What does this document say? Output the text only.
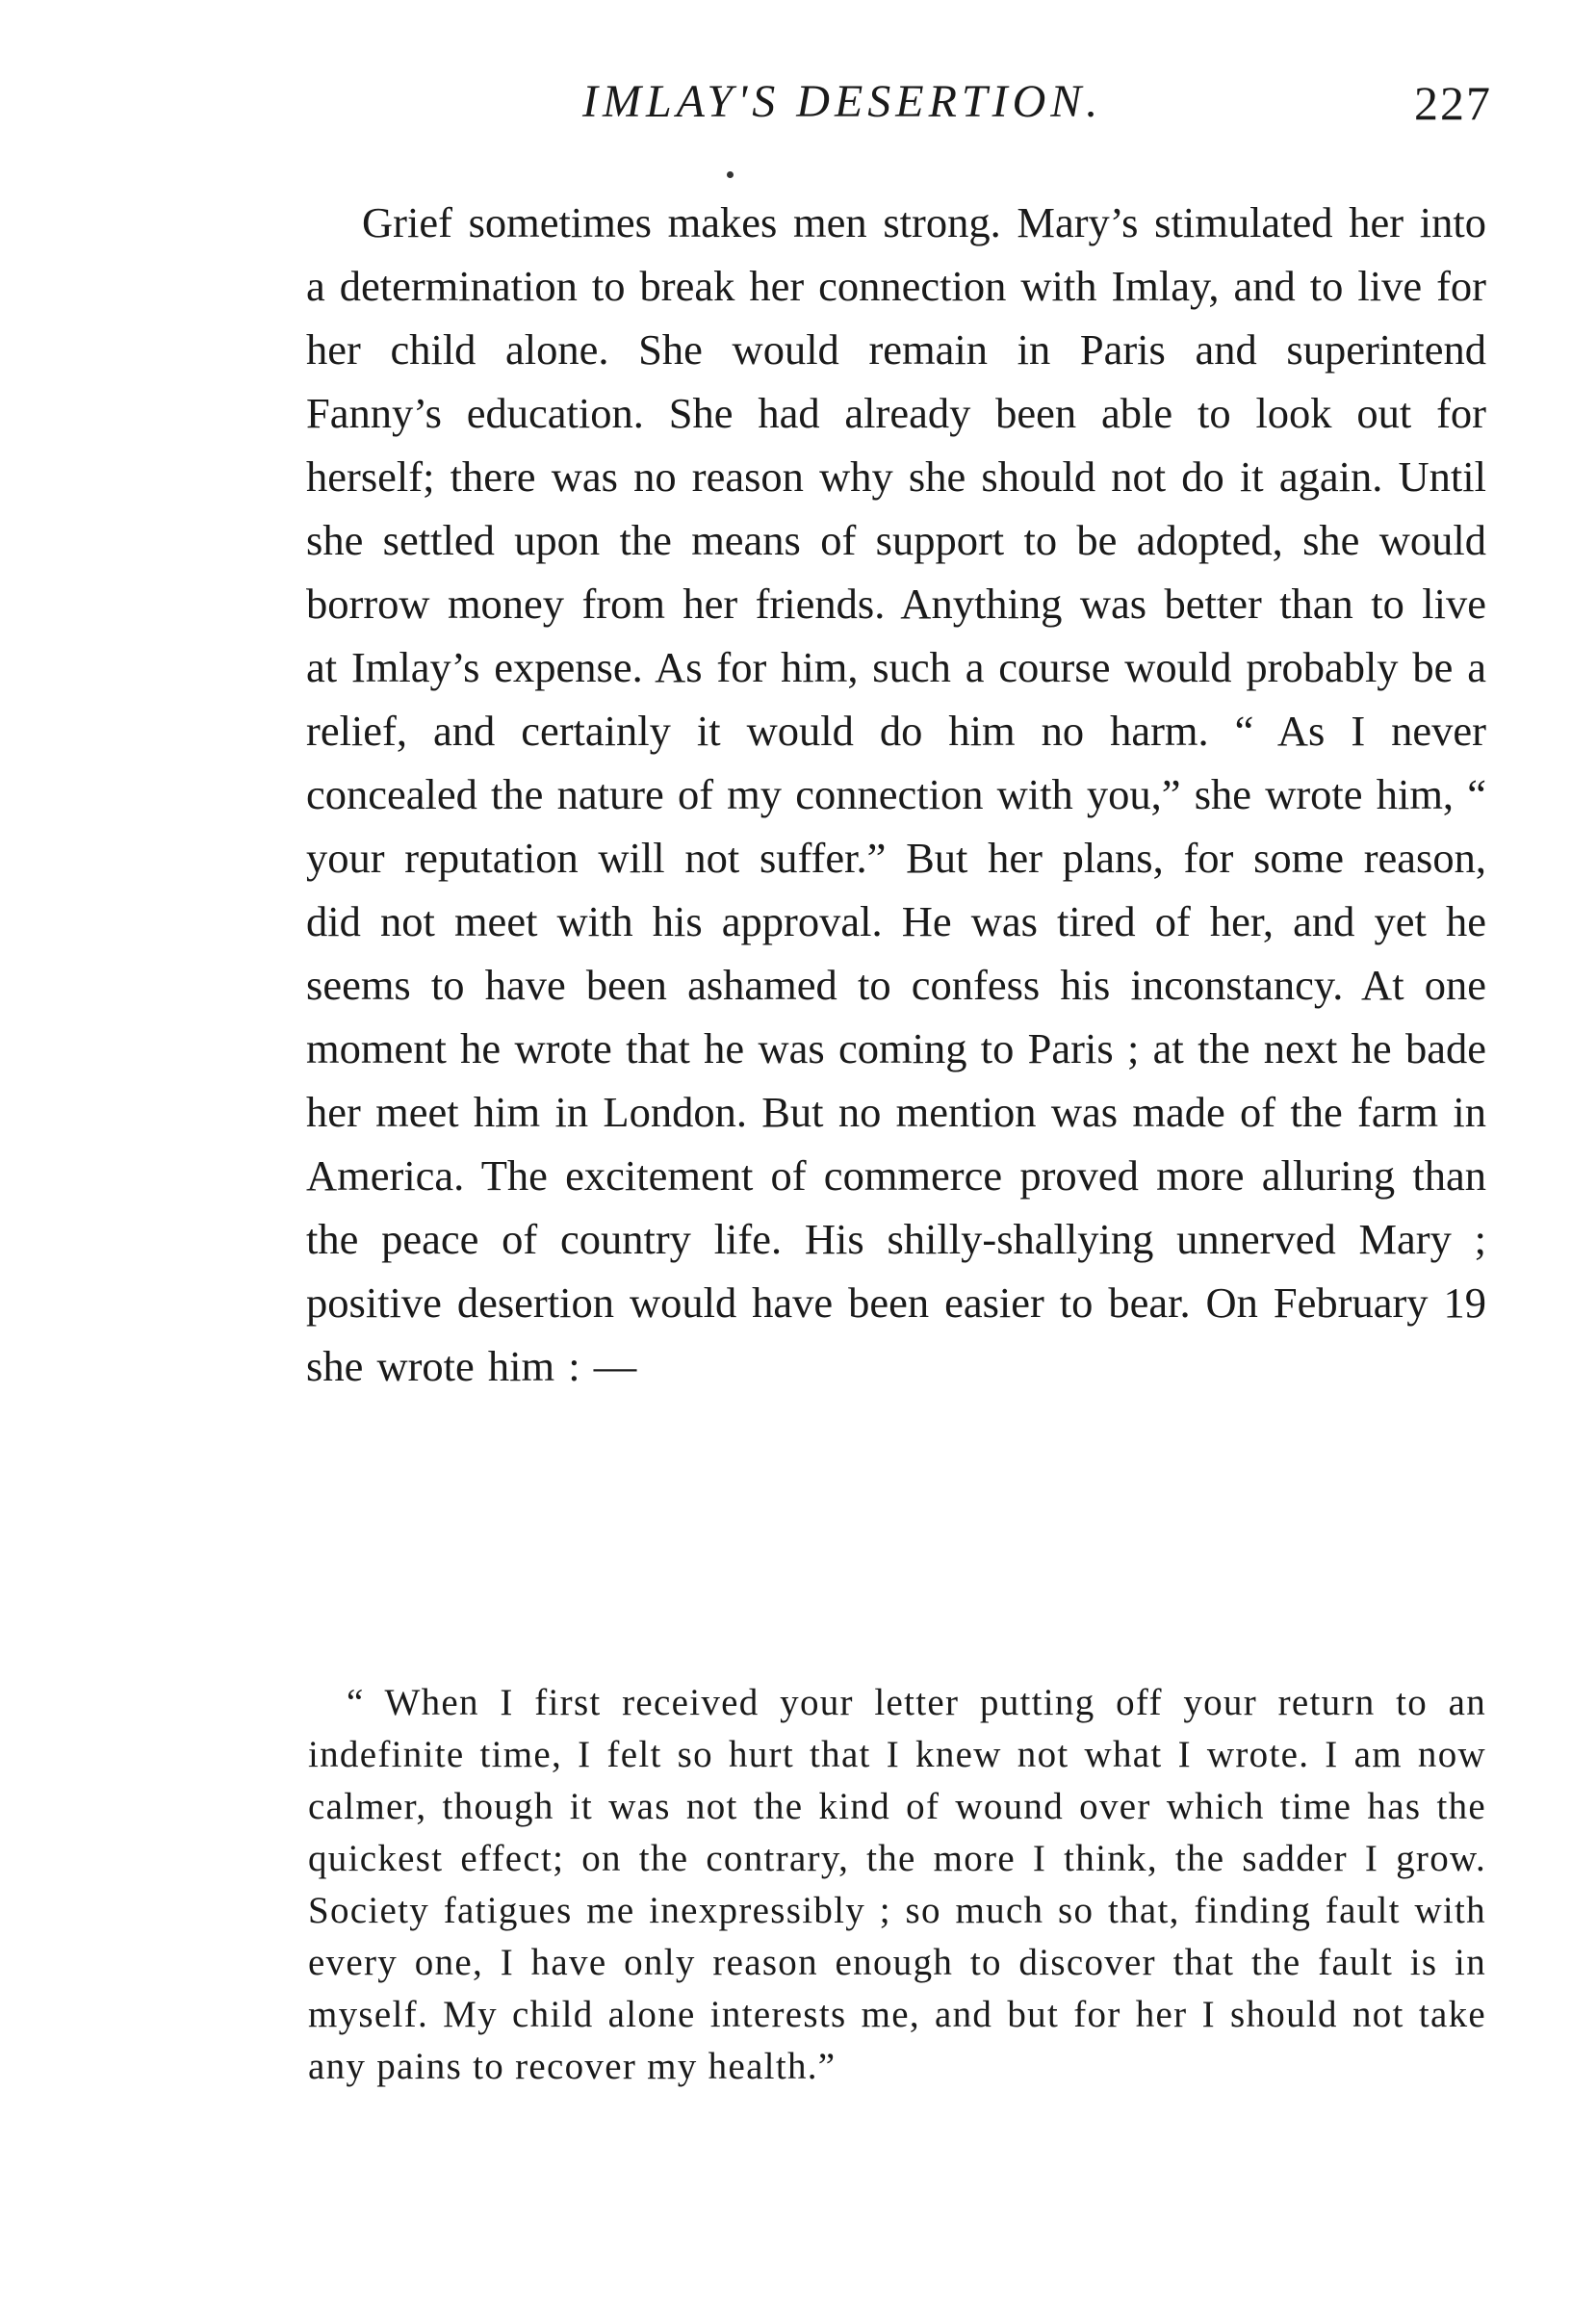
IMLAY'S DESERTION.	227

Grief sometimes makes men strong. Mary’s stimulated her into a determination to break her connection with Imlay, and to live for her child alone. She would remain in Paris and superintend Fanny’s education. She had already been able to look out for herself; there was no reason why she should not do it again. Until she settled upon the means of support to be adopted, she would borrow money from her friends. Anything was better than to live at Imlay’s expense. As for him, such a course would probably be a relief, and certainly it would do him no harm. “ As I never concealed the nature of my connection with you,” she wrote him, “ your reputation will not suffer.” But her plans, for some reason, did not meet with his approval. He was tired of her, and yet he seems to have been ashamed to confess his inconstancy. At one moment he wrote that he was coming to Paris ; at the next he bade her meet him in London. But no mention was made of the farm in America. The excitement of commerce proved more alluring than the peace of country life. His shilly-shallying unnerved Mary ; positive desertion would have been easier to bear. On February 19 she wrote him : —

“ When I first received your letter putting off your return to an indefinite time, I felt so hurt that I knew not what I wrote. I am now calmer, though it was not the kind of wound over which time has the quickest effect; on the contrary, the more I think, the sadder I grow. Society fatigues me inexpressibly ; so much so that, finding fault with every one, I have only reason enough to discover that the fault is in myself. My child alone interests me, and but for her I should not take any pains to recover my health.”
